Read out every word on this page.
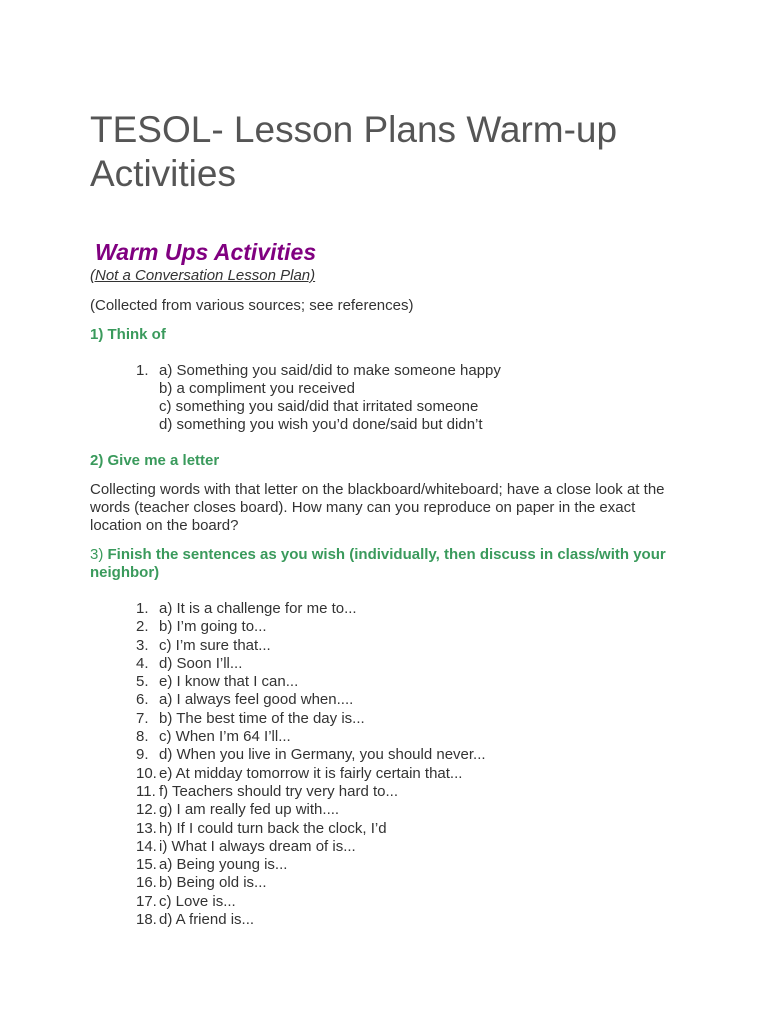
TESOL- Lesson Plans Warm-up Activities
Warm Ups Activities
(Not a Conversation Lesson Plan)
(Collected from various sources; see references)
1) Think of
1. a) Something you said/did to make someone happy
b) a compliment you received
c) something you said/did that irritated someone
d) something you wish you’d done/said but didn’t
2) Give me a letter
Collecting words with that letter on the blackboard/whiteboard; have a close look at the words (teacher closes board). How many can you reproduce on paper in the exact location on the board?
3) Finish the sentences as you wish (individually, then discuss in class/with your neighbor)
1. a) It is a challenge for me to...
2. b) I’m going to...
3. c) I’m sure that...
4. d) Soon I’ll...
5. e) I know that I can...
6. a) I always feel good when....
7. b) The best time of the day is...
8. c) When I’m 64 I’ll...
9. d) When you live in Germany, you should never...
10. e) At midday tomorrow it is fairly certain that...
11. f) Teachers should try very hard to...
12. g) I am really fed up with....
13. h) If I could turn back the clock, I’d
14. i) What I always dream of is...
15. a) Being young is...
16. b) Being old is...
17. c) Love is...
18. d) A friend is...
